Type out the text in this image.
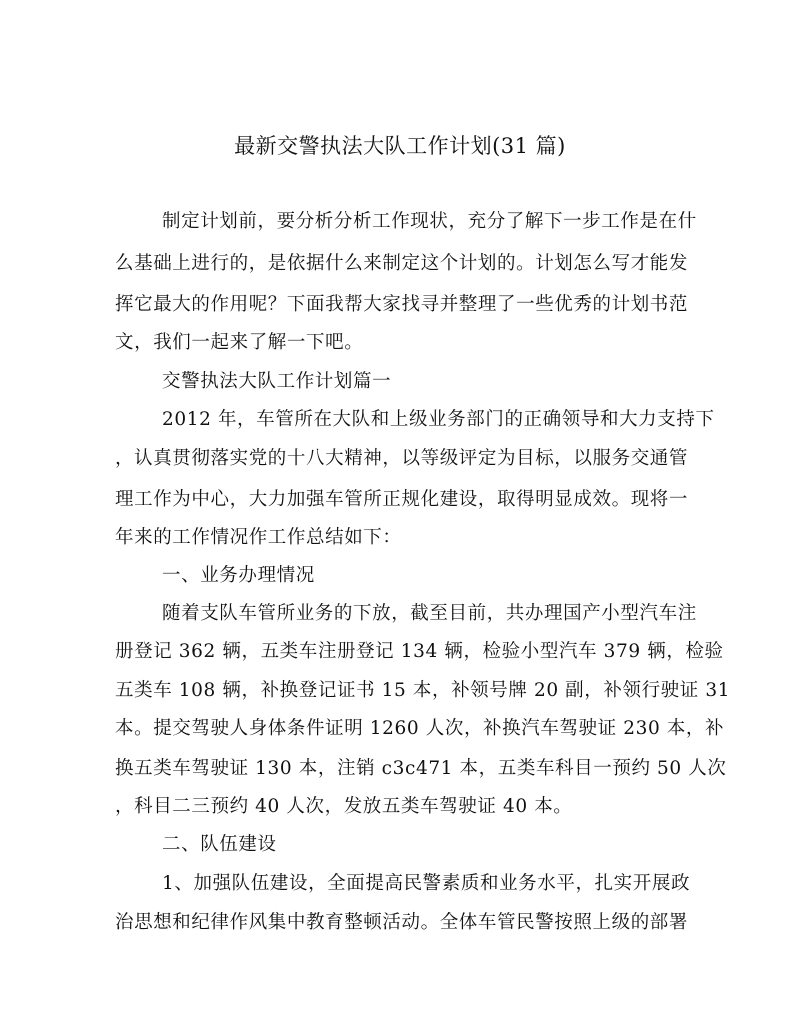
最新交警执法大队工作计划(31 篇)

制定计划前，要分析分析工作现状，充分了解下一步工作是在什

么基础上进行的，是依据什么来制定这个计划的。计划怎么写才能发

挥它最大的作用呢？下面我帮大家找寻并整理了一些优秀的计划书范

文，我们一起来了解一下吧。

交警执法大队工作计划篇一

2012 年，车管所在大队和上级业务部门的正确领导和大力支持下

，认真贯彻落实党的十八大精神，以等级评定为目标，以服务交通管

理工作为中心，大力加强车管所正规化建设，取得明显成效。现将一

年来的工作情况作工作总结如下：

一、业务办理情况

随着支队车管所业务的下放，截至目前，共办理国产小型汽车注

册登记 362 辆，五类车注册登记 134 辆，检验小型汽车 379 辆，检验

五类车 108 辆，补换登记证书 15 本，补领号牌 20 副，补领行驶证 31

本。提交驾驶人身体条件证明 1260 人次，补换汽车驾驶证 230 本，补

换五类车驾驶证 130 本，注销 c3c471 本，五类车科目一预约 50 人次

，科目二三预约 40 人次，发放五类车驾驶证 40 本。

二、队伍建设

1、加强队伍建设，全面提高民警素质和业务水平，扎实开展政

治思想和纪律作风集中教育整顿活动。全体车管民警按照上级的部署
